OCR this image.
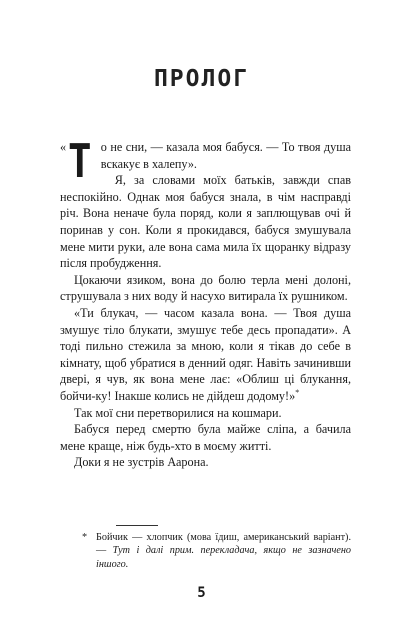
ПРОЛОГ

« Т о не сни, — казала моя бабуся. — То твоя душа вскакує в халепу».

Я, за словами моїх батьків, завжди спав неспокійно. Однак моя бабуся знала, в чім насправді річ. Вона неначе була поряд, коли я заплющував очі й поринав у сон. Коли я прокидався, бабуся змушувала мене мити руки, але вона сама мила їх щоранку відразу після пробудження.

Цокаючи язиком, вона до болю терла мені долоні, струшувала з них воду й насухо витирала їх рушником.

«Ти блукач, — часом казала вона. — Твоя душа змушує тіло блукати, змушує тебе десь пропадати». А тоді пильно стежила за мною, коли я тікав до себе в кімнату, щоб убратися в денний одяг. Навіть зачинивши двері, я чув, як вона мене лає: «Облиш ці блукання, бойчи-ку! Інакше колись не дійдеш додому!»*

Так мої сни перетворилися на кошмари.

Бабуся перед смертю була майже сліпа, а бачила мене краще, ніж будь-хто в моєму житті.

Доки я не зустрів Аарона.

* Бойчик — хлопчик (мова їдиш, американський варіант). — Тут і далі прим. перекладача, якщо не зазначено іншого.
5
